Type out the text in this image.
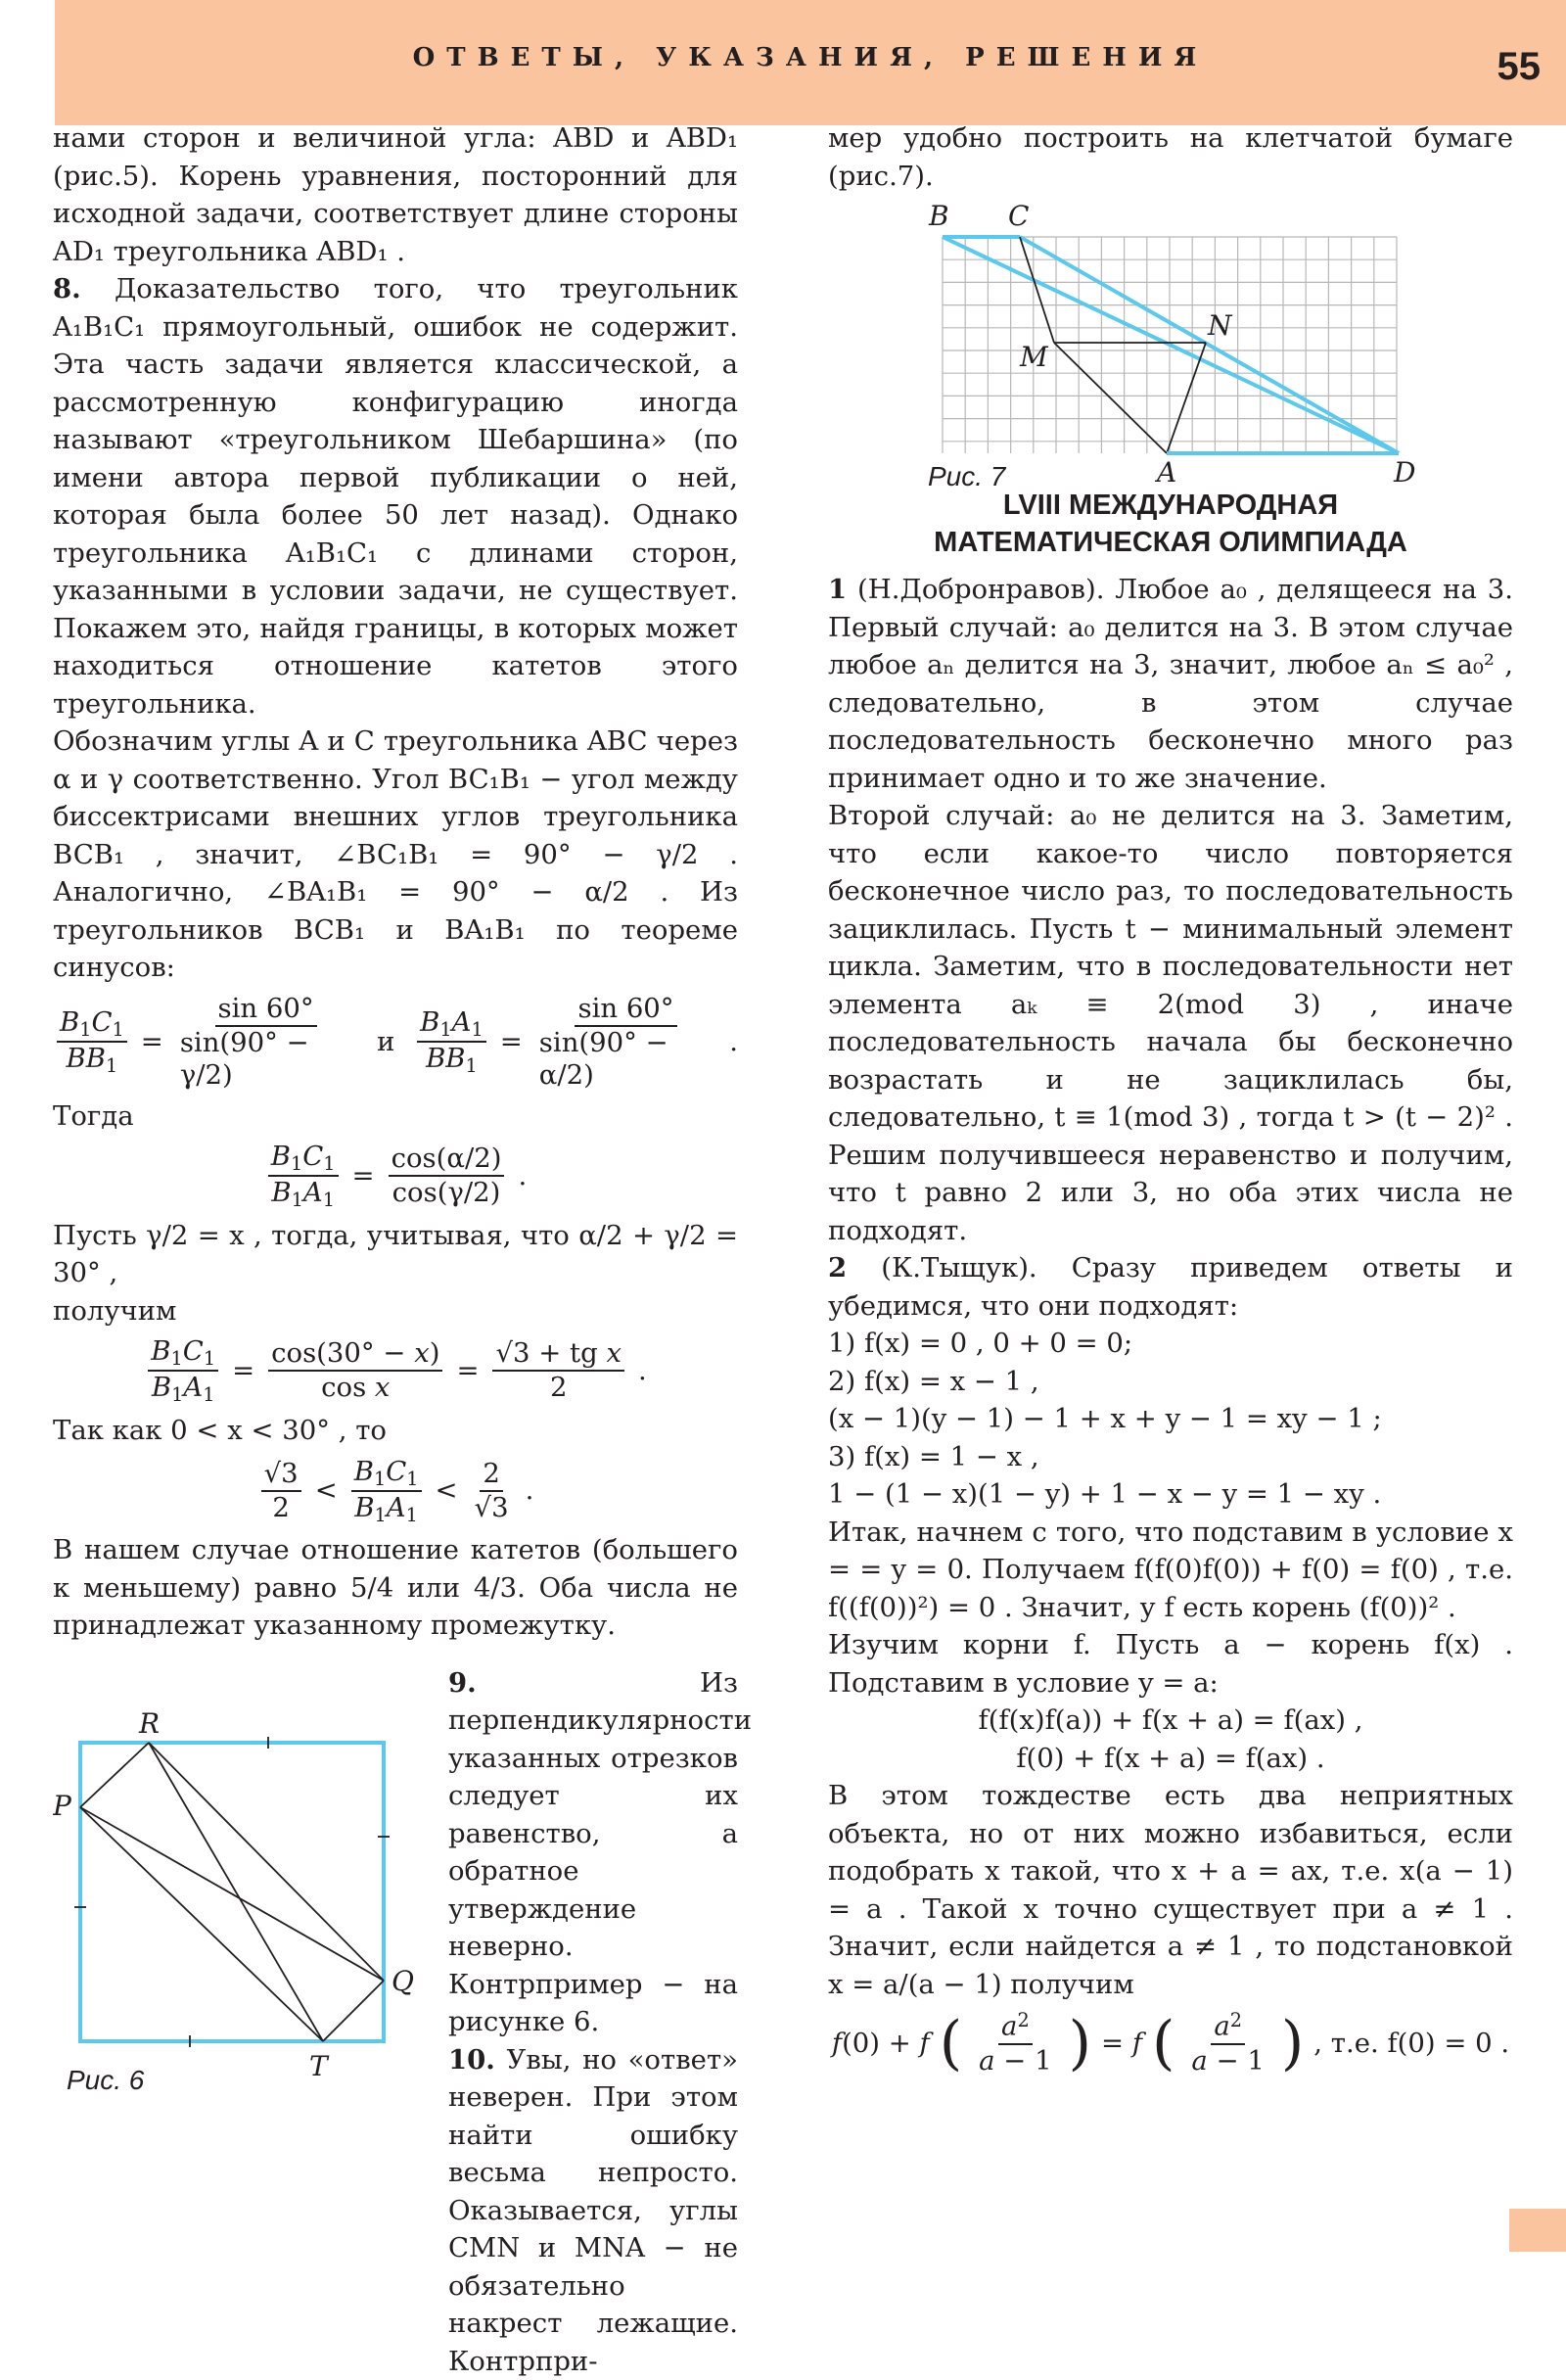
ОТВЕТЫ, УКАЗАНИЯ, РЕШЕНИЯ	55

нами сторон и величиной угла: ABD и ABD₁ (рис.5). Корень уравнения, посторонний для исходной задачи, соответствует длине стороны AD₁ треугольника ABD₁ .

8. Доказательство того, что треугольник A₁B₁C₁ прямоугольный, ошибок не содержит. Эта часть задачи является классической, а рассмотренную конфигурацию иногда называют «треугольником Шебаршина» (по имени автора первой публикации о ней, которая была более 50 лет назад). Однако треугольника A₁B₁C₁ с длинами сторон, указанными в условии задачи, не существует. Покажем это, найдя границы, в которых может находиться отношение катетов этого треугольника.

Обозначим углы A и C треугольника ABC через α и γ соответственно. Угол BC₁B₁ − угол между биссектрисами внешних углов треугольника BCB₁ , значит, ∠BC₁B₁ = 90° − γ/2 . Аналогично, ∠BA₁B₁ = 90° − α/2 . Из треугольников BCB₁ и BA₁B₁ по теореме синусов:

$\frac{B_1C_1}{BB_1} = \frac{\sin 60^\circ}{\sin(90^\circ - \gamma/2)}$ и $\frac{B_1A_1}{BB_1} = \frac{\sin 60^\circ}{\sin(90^\circ - \alpha/2)}$ .

Тогда

$\frac{B_1C_1}{B_1A_1} = \frac{\cos(\alpha/2)}{\cos(\gamma/2)}$ .

Пусть γ/2 = x , тогда, учитывая, что α/2 + γ/2 = 30° ,

получим

$\frac{B_1C_1}{B_1A_1} = \frac{\cos(30^\circ - x)}{\text{cos x}} = \frac{\text{√3 + tg x}}{2}$ .

Так как 0 < x < 30° , то

$\frac{√3}{2} < \frac{B_1C_1}{B_1A_1} < \frac{2}{√3}$ .

В нашем случае отношение катетов (большего к меньшему) равно 5/4 или 4/3. Оба числа не принадлежат указанному промежутку.

9.	Из перпендикулярности указанных отрезков следует их равенство, а обратное утверждение неверно. Контрпример − на рисунке 6.

10. Увы, но «ответ» неверен. При этом найти ошибку весьма непросто. Оказывается, углы CMN и MNA − не обязательно накрест лежащие. Контрпри-

R
P
Q
T
Рис. 6

мер удобно построить на клетчатой бумаге (рис.7).

LVIII МЕЖДУНАРОДНАЯ
МАТЕМАТИЧЕСКАЯ ОЛИМПИАДА

1 (Н.Добронравов). Любое a₀ , делящееся на 3. Первый случай: a₀ делится на 3. В этом случае любое aₙ делится на 3, значит, любое aₙ ≤ a₀² , следовательно, в этом случае последовательность бесконечно много раз принимает одно и то же значение.

Второй случай: a₀ не делится на 3. Заметим, что если какое-то число повторяется бесконечное число раз, то последовательность зациклилась. Пусть t − минимальный элемент цикла. Заметим, что в последовательности нет элемента aₖ ≡ 2(mod 3) , иначе последовательность начала бы бесконечно возрастать и не зациклилась бы, следовательно, t ≡ 1(mod 3) , тогда t > (t − 2)² . Решим получившееся неравенство и получим, что t равно 2 или 3, но оба этих числа не подходят.

2 (К.Тыщук). Сразу приведем ответы и убедимся, что они подходят:

1) f(x) = 0 , 0 + 0 = 0;

2) f(x) = x − 1 ,

(x − 1)(y − 1) − 1 + x + y − 1 = xy − 1 ;

3) f(x) = 1 − x ,

1 − (1 − x)(1 − y) + 1 − x − y = 1 − xy .

Итак, начнем с того, что подставим в условие x = = y = 0. Получаем f(f(0)f(0)) + f(0) = f(0) , т.е. f((f(0))²) = 0 . Значит, у f есть корень (f(0))² .

Изучим корни f. Пусть a − корень f(x) . Подставим в условие y = a:

f(f(x)f(a)) + f(x + a) = f(ax) ,

f(0) + f(x + a) = f(ax) .

В этом тождестве есть два неприятных объекта, но от них можно избавиться, если подобрать x такой, что x + a = ax, т.е. x(a − 1) = a . Такой x точно существует при a ≠ 1 . Значит, если найдется a ≠ 1 , то подстановкой x = a/(a − 1) получим

f(0) + f ( $\frac{a^2}{a - 1}$ ) = f ( $\frac{a^2}{a - 1}$ ) , т.е. f(0) = 0 .
B C
N
M
A	D
Рис. 7
